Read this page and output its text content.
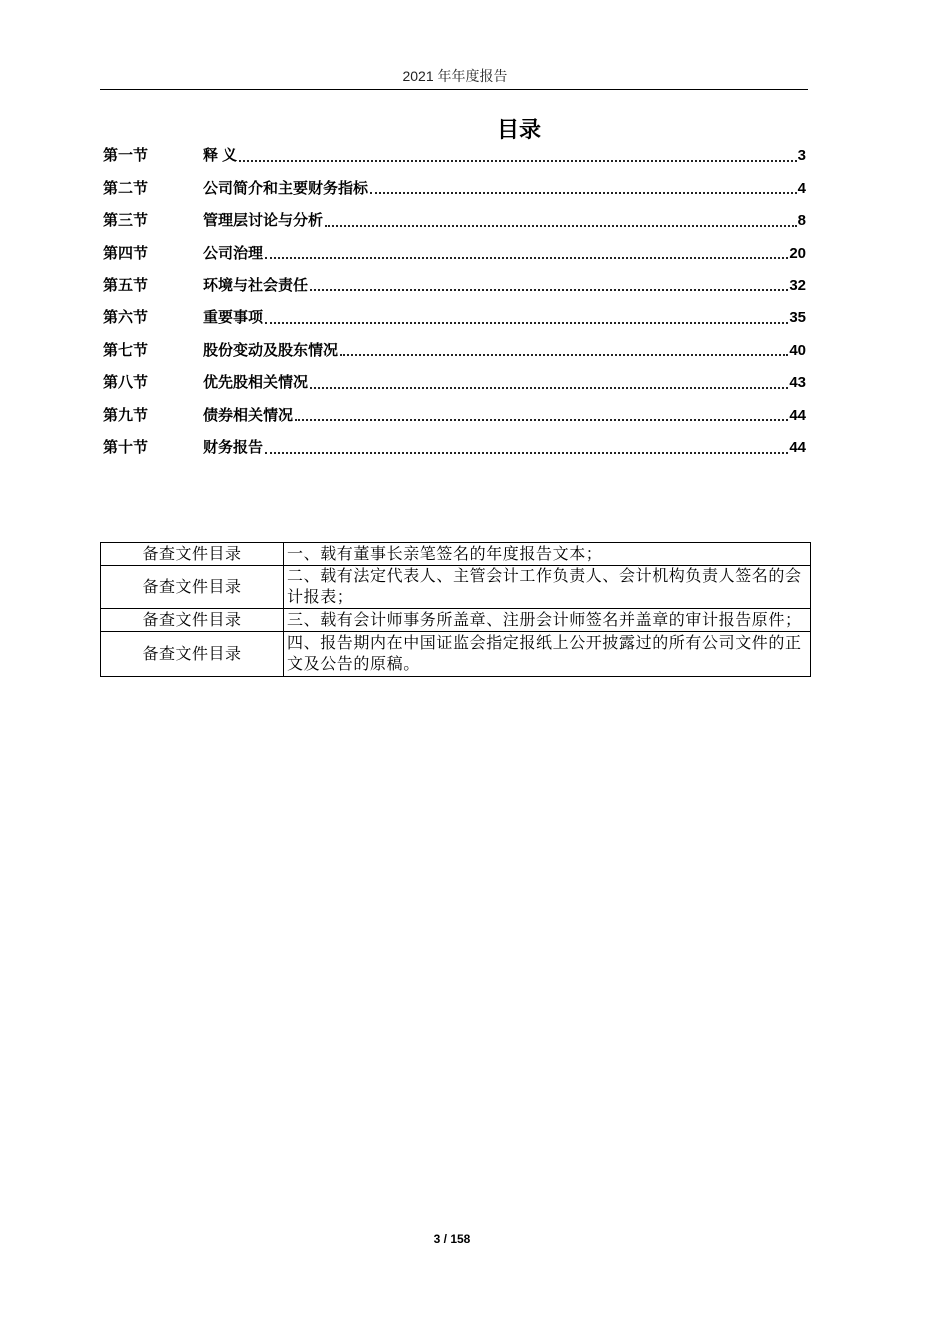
2021 年年度报告
目录
第一节	释 义	3
第二节	公司简介和主要财务指标	4
第三节	管理层讨论与分析	8
第四节	公司治理	20
第五节	环境与社会责任	32
第六节	重要事项	35
第七节	股份变动及股东情况	40
第八节	优先股相关情况	43
第九节	债券相关情况	44
第十节	财务报告	44
备查文件目录	一、载有董事长亲笔签名的年度报告文本；
备查文件目录	二、载有法定代表人、主管会计工作负责人、会计机构负责人签名的会计报表；
备查文件目录	三、载有会计师事务所盖章、注册会计师签名并盖章的审计报告原件；
备查文件目录	四、报告期内在中国证监会指定报纸上公开披露过的所有公司文件的正文及公告的原稿。
3 / 158
